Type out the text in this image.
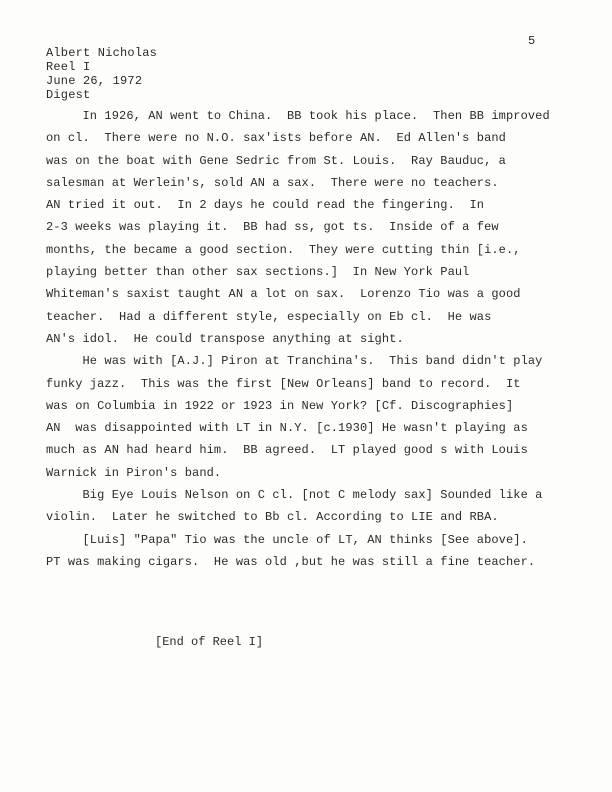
5
Albert Nicholas
Reel I
June 26, 1972
Digest
In 1926, AN went to China.  BB took his place.  Then BB improved
on cl.  There were no N.O. sax'ists before AN.  Ed Allen's band
was on the boat with Gene Sedric from St. Louis.  Ray Bauduc, a
salesman at Werlein's, sold AN a sax.  There were no teachers.
AN tried it out.  In 2 days he could read the fingering.  In
2-3 weeks was playing it.  BB had ss, got ts.  Inside of a few
months, the became a good section.  They were cutting thin [i.e.,
playing better than other sax sections.]  In New York Paul
Whiteman's saxist taught AN a lot on sax.  Lorenzo Tio was a good
teacher.  Had a different style, especially on Eb cl.  He was
AN's idol.  He could transpose anything at sight.
He was with [A.J.] Piron at Tranchina's.  This band didn't play
funky jazz.  This was the first [New Orleans] band to record.  It
was on Columbia in 1922 or 1923 in New York? [Cf. Discographies]
AN  was disappointed with LT in N.Y. [c.1930] He wasn't playing as
much as AN had heard him.  BB agreed.  LT played good s with Louis
Warnick in Piron's band.
Big Eye Louis Nelson on C cl. [not C melody sax] Sounded like a
violin.  Later he switched to Bb cl. According to LIE and RBA.
[Luis] "Papa" Tio was the uncle of LT, AN thinks [See above].
PT was making cigars.  He was old ,but he was still a fine teacher.
[End of Reel I]
